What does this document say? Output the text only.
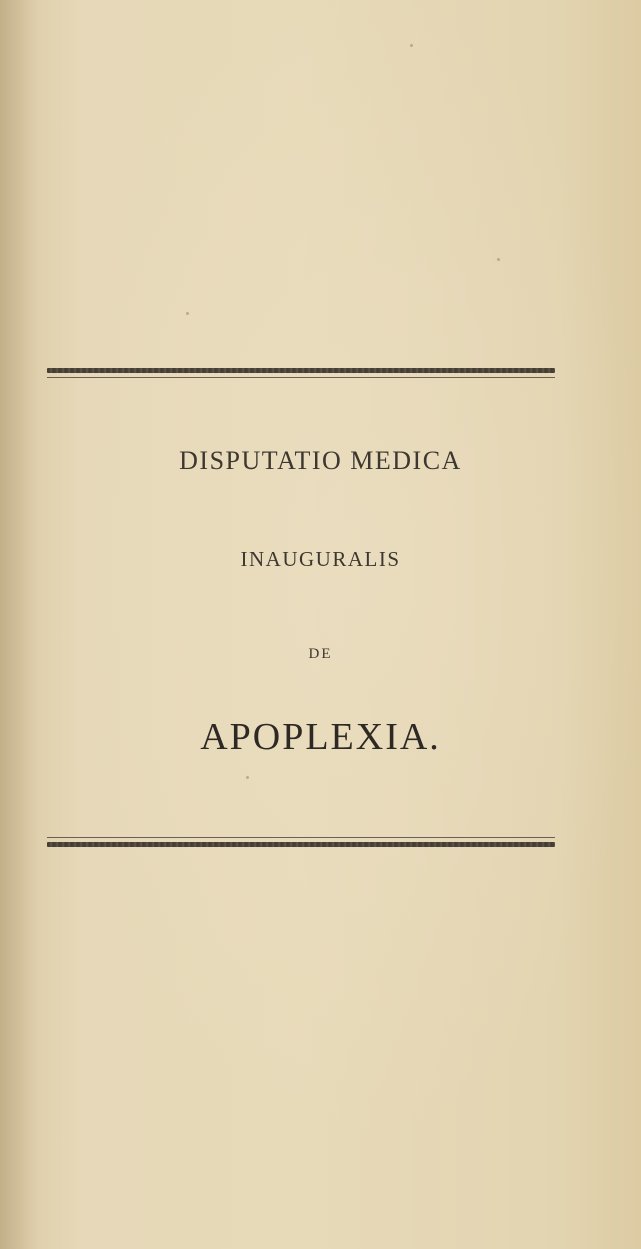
DISPUTATIO MEDICA
INAUGURALIS
DE
APOPLEXIA.
